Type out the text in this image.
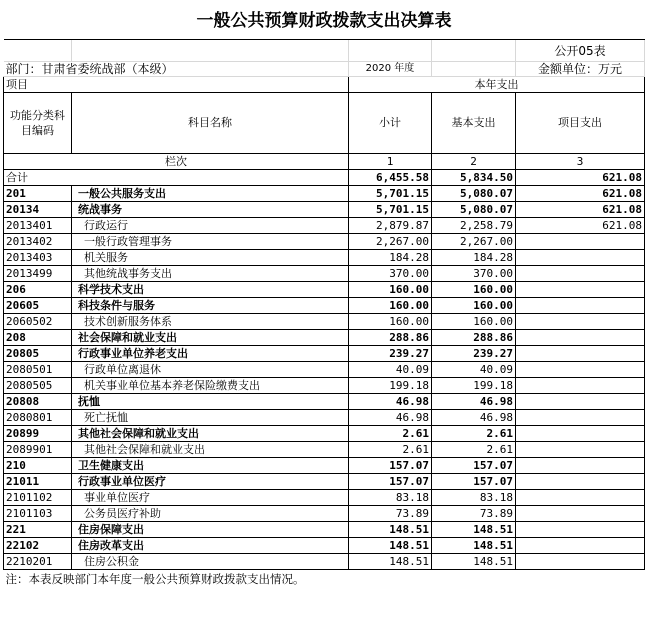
一般公共预算财政拨款支出决算表				
				公开05表
部门：甘肃省委统战部（本级）		2020 年度		金额单位：万元
项目		本年支出		
功能分类科目编码	科目名称	小计	基本支出	项目支出
栏次		1	2	3
合计		6,455.58	5,834.50	621.08
201	一般公共服务支出	5,701.15	5,080.07	621.08
20134	统战事务	5,701.15	5,080.07	621.08
2013401	行政运行	2,879.87	2,258.79	621.08
2013402	一般行政管理事务	2,267.00	2,267.00	
2013403	机关服务	184.28	184.28	
2013499	其他统战事务支出	370.00	370.00	
206	科学技术支出	160.00	160.00	
20605	科技条件与服务	160.00	160.00	
2060502	技术创新服务体系	160.00	160.00	
208	社会保障和就业支出	288.86	288.86	
20805	行政事业单位养老支出	239.27	239.27	
2080501	行政单位离退休	40.09	40.09	
2080505	机关事业单位基本养老保险缴费支出	199.18	199.18	
20808	抚恤	46.98	46.98	
2080801	死亡抚恤	46.98	46.98	
20899	其他社会保障和就业支出	2.61	2.61	
2089901	其他社会保障和就业支出	2.61	2.61	
210	卫生健康支出	157.07	157.07	
21011	行政事业单位医疗	157.07	157.07	
2101102	事业单位医疗	83.18	83.18	
2101103	公务员医疗补助	73.89	73.89	
221	住房保障支出	148.51	148.51	
22102	住房改革支出	148.51	148.51	
2210201	住房公积金	148.51	148.51	
注：本表反映部门本年度一般公共预算财政拨款支出情况。				
